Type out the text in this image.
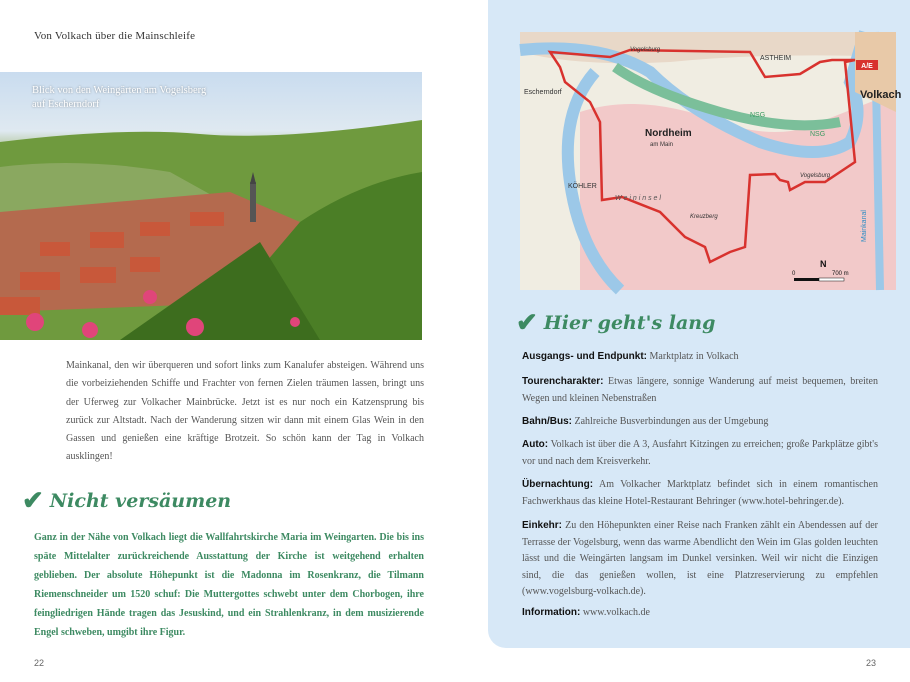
Von Volkach über die Mainschleife
Blick von den Weingärten am Vogelsberg
auf Escherndorf
Mainkanal, den wir überqueren und sofort links zum Kanalufer absteigen. Während uns die vorbeiziehenden Schiffe und Frachter von fernen Zielen träumen lassen, bringt uns der Uferweg zur Volkacher Mainbrücke. Jetzt ist es nur noch ein Katzensprung bis zurück zur Altstadt. Nach der Wanderung sitzen wir dann mit einem Glas Wein in den Gassen und genießen eine kräftige Brotzeit. So schön kann der Tag in Volkach ausklingen!
✔ Nicht versäumen
Ganz in der Nähe von Volkach liegt die Wallfahrtskirche Maria im Weingarten. Die bis ins späte Mittelalter zurückreichende Ausstattung der Kirche ist weitgehend erhalten geblieben. Der absolute Höhepunkt ist die Madonna im Rosenkranz, die Tilmann Riemenschneider um 1520 schuf: Die Muttergottes schwebt unter dem Chorbogen, ihre feingliedrigen Hände tragen das Jesuskind, und ein Strahlenkranz, in dem musizierende Engel schweben, umgibt ihre Figur.
22
A/E
Volkach
Nordheim
am Main
ASTHEIM
Escherndorf
KÖHLER
W e i n i n s e l
Kreuzberg
Vogelsburg
Vogelsburg
Mainkanal
NSG
NSG
N
0	700 m
✔ Hier geht's lang
Ausgangs- und Endpunkt: Marktplatz in Volkach
Tourencharakter: Etwas längere, sonnige Wanderung auf meist bequemen, breiten Wegen und kleinen Nebenstraßen
Bahn/Bus: Zahlreiche Busverbindungen aus der Umgebung
Auto: Volkach ist über die A 3, Ausfahrt Kitzingen zu erreichen; große Parkplätze gibt's vor und nach dem Kreisverkehr.
Übernachtung: Am Volkacher Marktplatz befindet sich in einem romantischen Fachwerkhaus das kleine Hotel-Restaurant Behringer (www.hotel-behringer.de).
Einkehr: Zu den Höhepunkten einer Reise nach Franken zählt ein Abendessen auf der Terrasse der Vogelsburg, wenn das warme Abendlicht den Wein im Glas golden leuchten lässt und die Weingärten langsam im Dunkel versinken. Weil wir nicht die Einzigen sind, die das genießen wollen, ist eine Platzreservierung zu empfehlen (www.vogelsburg-volkach.de).
Information: www.volkach.de
23
